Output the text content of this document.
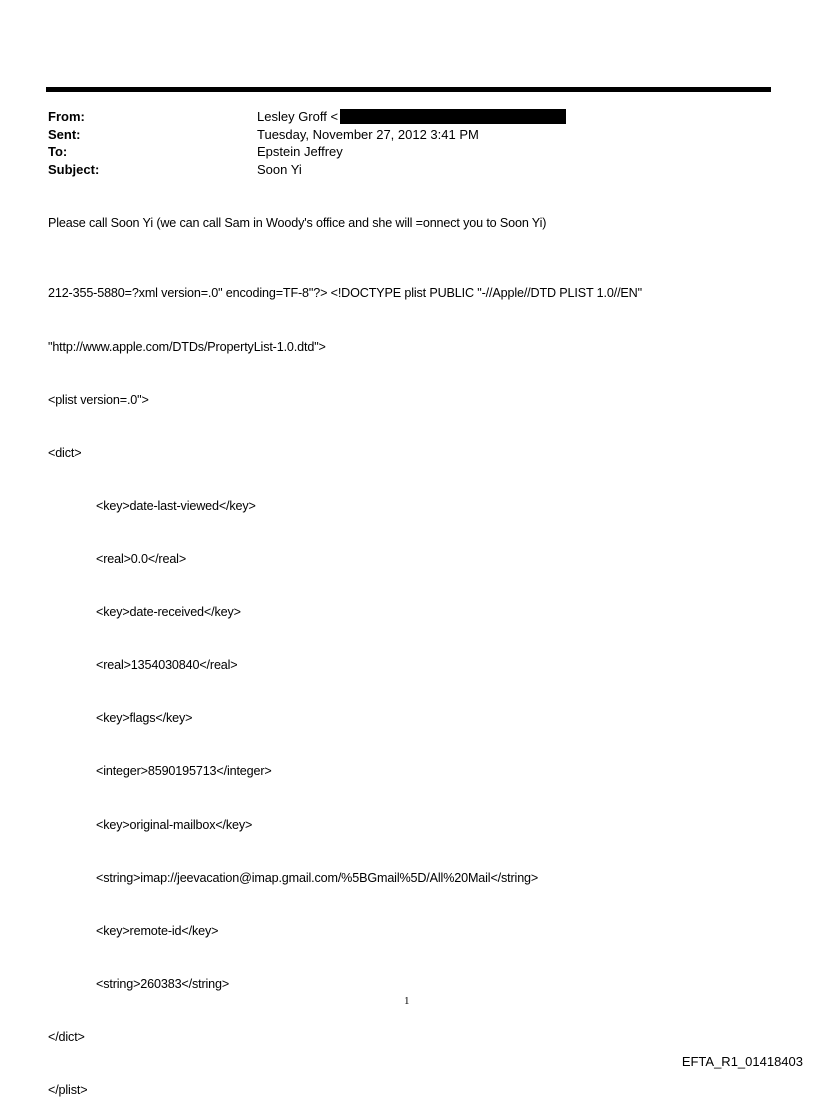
From:	Lesley Groff <
Sent:	Tuesday, November 27, 2012 3:41 PM
To:	Epstein Jeffrey
Subject:	Soon Yi
Please call Soon Yi (we can call Sam in Woody's office and she will =onnect you to Soon Yi)

212-355-5880=?xml version=.0" encoding=TF-8"?> <!DOCTYPE plist PUBLIC "-//Apple//DTD PLIST 1.0//EN"

"http://www.apple.com/DTDs/PropertyList-1.0.dtd">

<plist version=.0">

<dict>

<key>date-last-viewed</key>

<real>0.0</real>

<key>date-received</key>

<real>1354030840</real>

<key>flags</key>

<integer>8590195713</integer>

<key>original-mailbox</key>

<string>imap://jeevacation@imap.gmail.com/%5BGmail%5D/All%20Mail</string>

<key>remote-id</key>

<string>260383</string>

</dict>

</plist>

1
EFTA_R1_01418403
